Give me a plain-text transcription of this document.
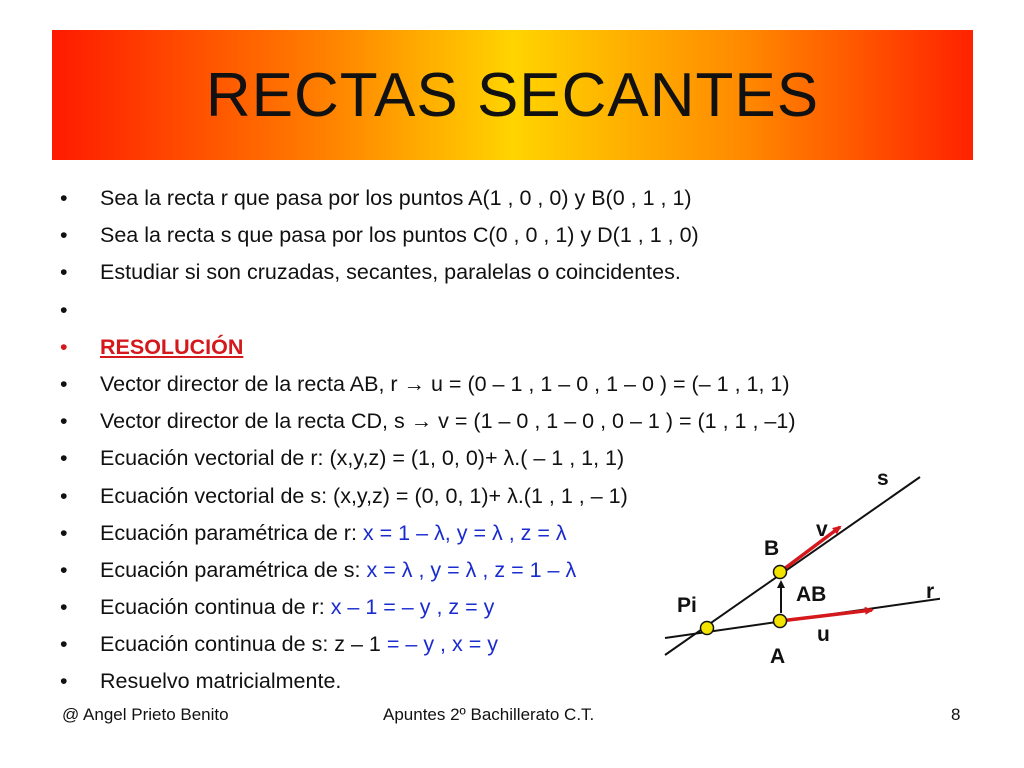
RECTAS SECANTES
• Sea la recta r que pasa por los puntos A(1 , 0 , 0) y B(0 , 1 , 1)
• Sea la recta s que pasa por los puntos C(0 , 0 , 1) y D(1 , 1 , 0)
• Estudiar si son cruzadas, secantes, paralelas o coincidentes.
•
• RESOLUCIÓN
• Vector director de la recta AB, r → u = (0 – 1 , 1 – 0 , 1 – 0 ) = (– 1 , 1, 1)
• Vector director de la recta CD, s → v = (1 – 0 , 1 – 0 , 0 – 1 ) = (1 , 1 , –1)
• Ecuación vectorial de r: (x,y,z) = (1, 0, 0)+ λ.( – 1 , 1, 1)
• Ecuación vectorial de s: (x,y,z) = (0, 0, 1)+ λ.(1 , 1 , – 1)
• Ecuación paramétrica de r: x = 1 – λ, y = λ , z = λ
• Ecuación paramétrica de s: x = λ , y = λ , z = 1 – λ
• Ecuación continua de r: x – 1 = – y , z = y
• Ecuación continua de s: z – 1 = – y , x = y
• Resuelvo matricialmente.
s
v
B
AB	r
Pi
u
A
@ Angel Prieto Benito	Apuntes 2º Bachillerato C.T.	8
